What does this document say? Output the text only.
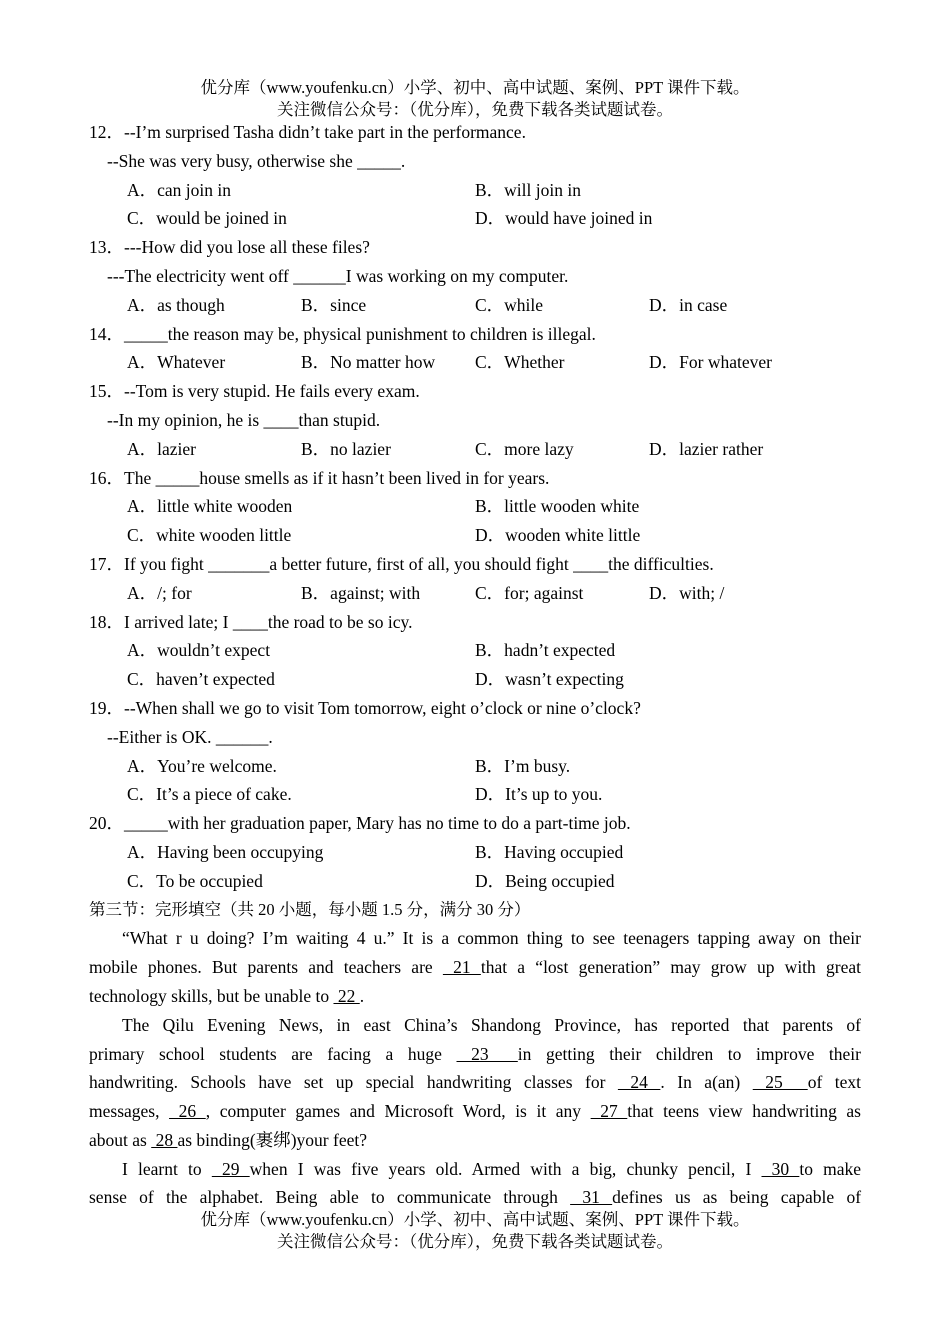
优分库（www.youfenku.cn）小学、初中、高中试题、案例、PPT 课件下载。
关注微信公众号：（优分库），免费下载各类试题试卷。
12．--I’m surprised Tasha didn’t take part in the performance.
--She was very busy, otherwise she _____.
A．can join in	B．will join in
C．would be joined in	D．would have joined in
13．---How did you lose all these files?
---The electricity went off ______I was working on my computer.
A．as though	B．since	C．while	D．in case
14．_____the reason may be, physical punishment to children is illegal.
A．Whatever	B．No matter how C．Whether	D．For whatever
15．--Tom is very stupid. He fails every exam.
--In my opinion, he is ____than stupid.
A．lazier	B．no lazier	C．more lazy	D．lazier rather
16．The _____house smells as if it hasn’t been lived in for years.
A．little white wooden	B．little wooden white
C．white wooden little	D．wooden white little
17．If you fight _______a better future, first of all, you should fight ____the difficulties.
A．/; for	B．against; with	C．for; against	D．with; /
18．I arrived late; I ____the road to be so icy.
A．wouldn’t expect	B．hadn’t expected
C．haven’t expected	D．wasn’t expecting
19．--When shall we go to visit Tom tomorrow, eight o’clock or nine o’clock?
--Either is OK. ______.
A．You’re welcome.	B．I’m busy.
C．It’s a piece of cake.	D．It’s up to you.
20．_____with her graduation paper, Mary has no time to do a part-time job.
A．Having been occupying	B．Having occupied
C．To be occupied	D．Being occupied
第三节：完形填空（共 20 小题，每小题 1.5 分，满分 30 分）
“What r u doing? I’m waiting 4 u.” It is a common thing to see teenagers tapping away on their
mobile phones. But parents and teachers are  21 that a “lost generation” may grow up with great
technology skills, but be unable to  22 .
The Qilu Evening News, in east China’s Shandong Province, has reported that parents of
primary school students are facing a huge  23  in getting their children to improve their
handwriting. Schools have set up special handwriting classes for  24 . In a(an)  25  of text
messages,  26 , computer games and Microsoft Word, is it any  27 that teens view handwriting as
about as  28 as binding(裹绑)your feet?
I learnt to  29 when I was five years old. Armed with a big, chunky pencil, I  30 to make
sense of the alphabet. Being able to communicate through  31 defines us as being capable of
优分库（www.youfenku.cn）小学、初中、高中试题、案例、PPT 课件下载。
关注微信公众号：（优分库），免费下载各类试题试卷。
